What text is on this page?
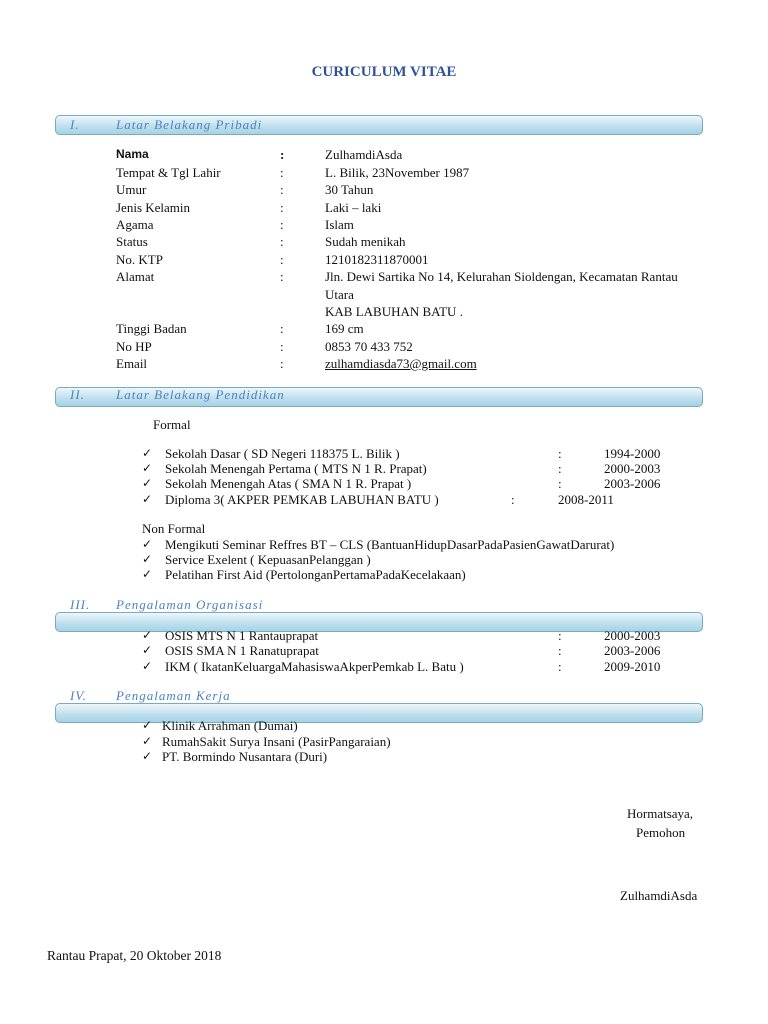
CURICULUM VITAE
I.	Latar Belakang Pribadi
Nama	:	ZulhamdiAsda
Tempat & Tgl Lahir	:	L. Bilik, 23November 1987
Umur	:	30 Tahun
Jenis Kelamin	:	Laki – laki
Agama	:	Islam
Status	:	Sudah menikah
No. KTP	:	1210182311870001
Alamat	:	Jln. Dewi Sartika No 14, Kelurahan Sioldengan, Kecamatan Rantau
Utara
KAB LABUHAN BATU .
Tinggi Badan	:	169 cm
No HP	:	0853 70 433 752
Email	:	zulhamdiasda73@gmail.com
II. Latar Belakang Pendidikan
Formal
✓ Sekolah Dasar ( SD Negeri 118375 L. Bilik )	:	1994-2000
✓ Sekolah Menengah Pertama ( MTS N 1 R. Prapat)	:	2000-2003
✓ Sekolah Menengah Atas ( SMA N 1 R. Prapat )	:	2003-2006
✓ Diploma 3( AKPER PEMKAB LABUHAN BATU )	:	2008-2011
Non Formal
✓ Mengikuti Seminar Reffres BT – CLS (BantuanHidupDasarPadaPasienGawatDarurat)
✓ Service Exelent ( KepuasanPelanggan )
✓ Pelatihan First Aid (PertolonganPertamaPadaKecelakaan)
III. Pengalaman Organisasi
✓ OSIS MTS N 1 Rantauprapat	:	2000-2003
✓ OSIS SMA N 1 Ranatuprapat	:	2003-2006
✓ IKM ( IkatanKeluargaMahasiswaAkperPemkab L. Batu )	:	2009-2010
IV. Pengalaman Kerja
✓ Klinik Arrahman (Dumai)
✓ RumahSakit Surya Insani (PasirPangaraian)
✓ PT. Bormindo Nusantara (Duri)
Hormatsaya,
Pemohon
ZulhamdiAsda
Rantau Prapat, 20 Oktober 2018
